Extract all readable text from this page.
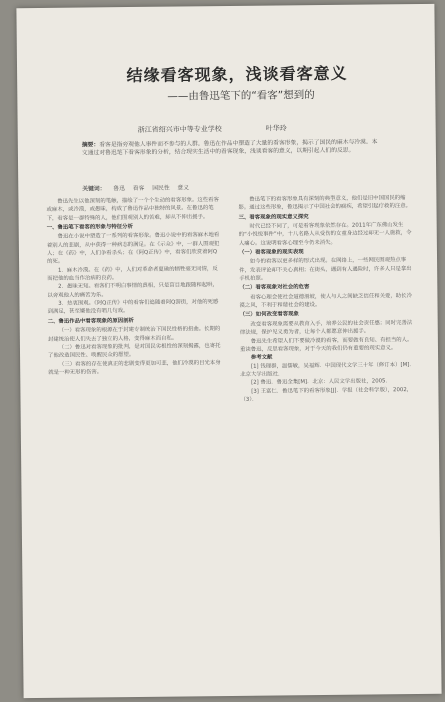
结缘看客现象，浅谈看客意义
——由鲁迅笔下的“看客”想到的
浙江省绍兴市中等专业学校	叶华玲
摘要：看客是指旁观他人事件而不参与的人群。鲁迅在作品中塑造了大量的看客形象，揭示了国民的麻木与冷漠。本文通过对鲁迅笔下看客形象的分析，结合现实生活中的看客现象，浅谈看客的意义，以期引起人们的反思。
关键词： 鲁迅 看客 国民性 意义

鲁迅先生以他深刻的笔触，描绘了一个个生动的看客形象。这些看客或麻木，或冷漠，或愚昧，构成了鲁迅作品中独特的风景。在鲁迅的笔下，看客是一群特殊的人，他们围观别人的苦难，却从不伸出援手。

一、鲁迅笔下看客的形象与特征分析

鲁迅在小说中塑造了一系列的看客形象。鲁迅小说中的看客麻木地看着别人的悲剧，从中获得一种病态的满足。在《示众》中，一群人围观犯人；在《药》中，人们争看杀头；在《阿Q正传》中，看客们欣赏着阿Q的死。

1．麻木冷漠。在《药》中，人们对革命者夏瑜的牺牲毫无同情，反而把他的血当作治病的良药。

2．愚昧无知。看客们不明白事情的真相，只是盲目地跟随和起哄，以旁观他人的痛苦为乐。

3．热衷围观。《阿Q正传》中的看客们追随着阿Q游街，对他的死感到满足，甚至嫌他没有唱几句戏。

二、鲁迅作品中看客现象的原因剖析

（一）看客现象的根源在于封建专制统治下国民性格的扭曲。长期的封建统治使人们失去了独立的人格，变得麻木而自私。

（二）鲁迅对看客现象的批判，是对国民劣根性的深刻揭露，也寄托了他改造国民性、唤醒民众的愿望。

（三）看客的存在使真正的悲剧变得更加可悲，他们冷漠的目光本身就是一种无形的伤害。

鲁迅笔下的看客形象具有深刻的典型意义，他们是旧中国国民的缩影。通过这些形象，鲁迅揭示了中国社会的痼疾，希望引起疗救的注意。

三、看客现象的现实意义探究

时代已经不同了，可是看客现象依然存在。2011年广东佛山发生的“小悦悦事件”中，十八名路人从受伤的女童身边经过却无一人施救，令人痛心。这说明看客心理至今仍未消失。

（一）看客现象的现实表现

如今的看客以更多样的形式出现。在网络上，一些网民围观热点事件，发表评论却不关心真相；在街头，遇到有人遇险时，许多人只是拿出手机拍照。

（二）看客现象对社会的危害

看客心理会使社会道德滑坡，使人与人之间缺乏信任和关爱，助长冷漠之风，不利于和谐社会的建设。

（三）如何改变看客现象

改变看客现象需要从教育入手，培养公民的社会责任感；同时完善法律法规，保护见义勇为者，让每个人都愿意伸出援手。

鲁迅先生希望人们不要做冷漠的看客，而要做有良知、有担当的人。重读鲁迅，反思看客现象，对于今天的我们仍有重要的现实意义。

参考文献

[1] 钱理群，温儒敏，吴福辉．中国现代文学三十年（修订本）[M]．北京大学出版社．

[2] 鲁迅．鲁迅全集[M]．北京：人民文学出版社，2005．

[3] 王富仁．鲁迅笔下的看客形象[J]．学报（社会科学版），2002，（3）．
